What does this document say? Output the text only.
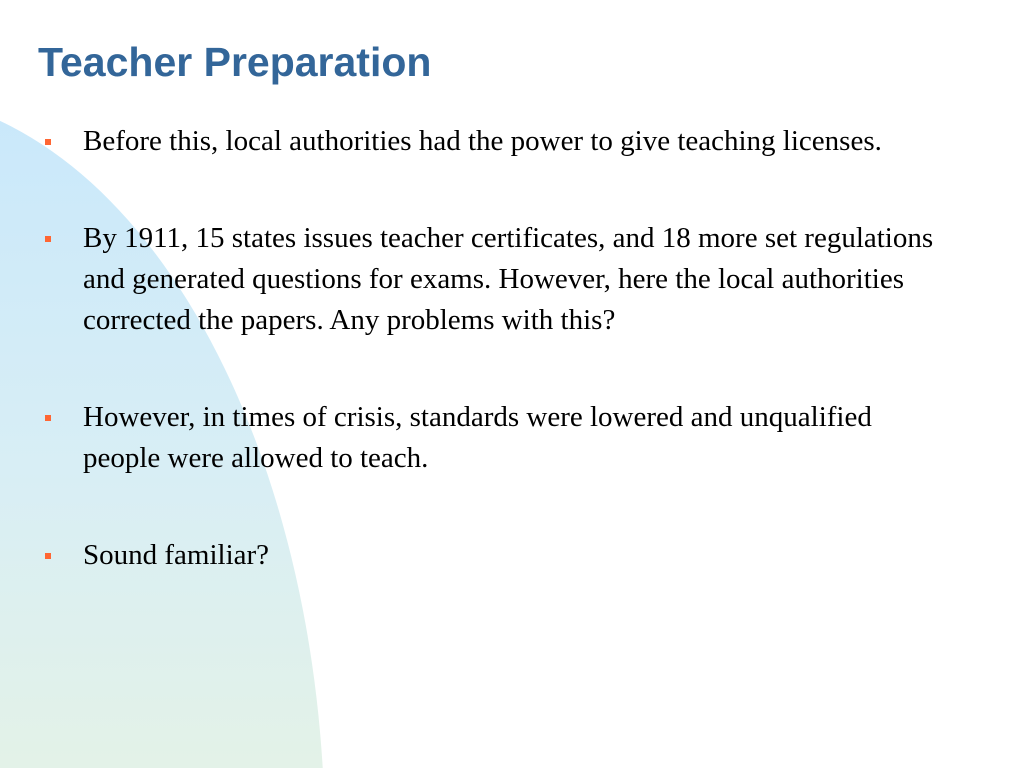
Teacher Preparation
Before this, local authorities had the power to give teaching licenses.
By 1911, 15 states issues teacher certificates, and 18 more set regulations and generated questions for exams. However, here the local authorities corrected the papers. Any problems with this?
However, in times of crisis, standards were lowered and unqualified people were allowed to teach.
Sound familiar?
